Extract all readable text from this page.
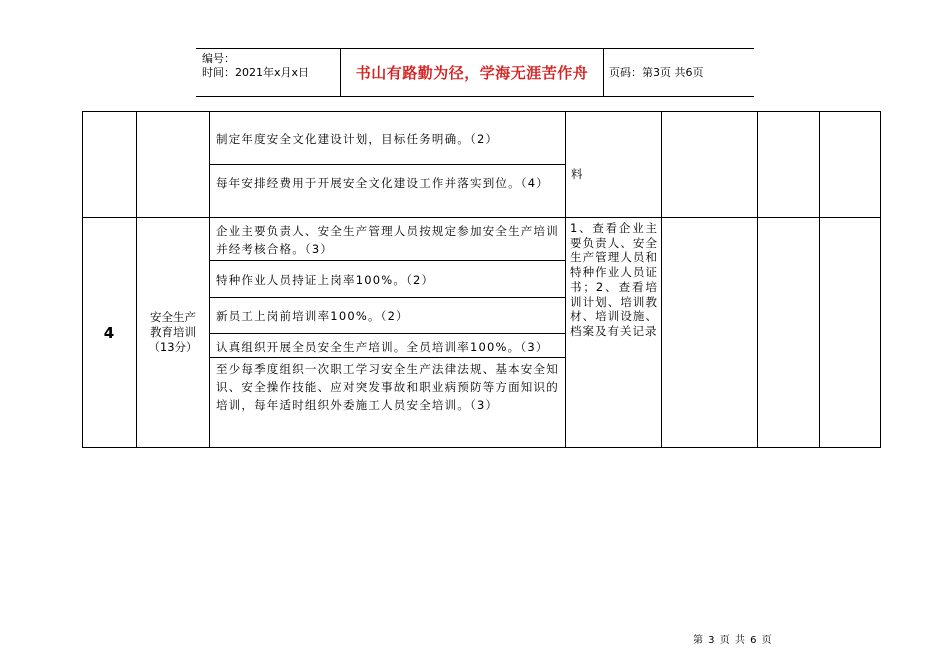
编号：
时间：2021年x月x日	书山有路勤为径，学海无涯苦作舟	页码：第3页 共6页
制定年度安全文化建设计划，目标任务明确。（2）
每年安排经费用于开展安全文化建设工作并落实到位。（4）
料
4
安全生产
教育培训
（13分）
企业主要负责人、安全生产管理人员按规定参加安全生产培训并经考核合格。（3）
特种作业人员持证上岗率100%。（2）
新员工上岗前培训率100%。（2）
认真组织开展全员安全生产培训。全员培训率100%。（3）
至少每季度组织一次职工学习安全生产法律法规、基本安全知识、安全操作技能、应对突发事故和职业病预防等方面知识的培训，每年适时组织外委施工人员安全培训。（3）
1、查看企业主要负责人、安全生产管理人员和特种作业人员证书；2、查看培训计划、培训教材、培训设施、档案及有关记录
第 3 页 共 6 页
